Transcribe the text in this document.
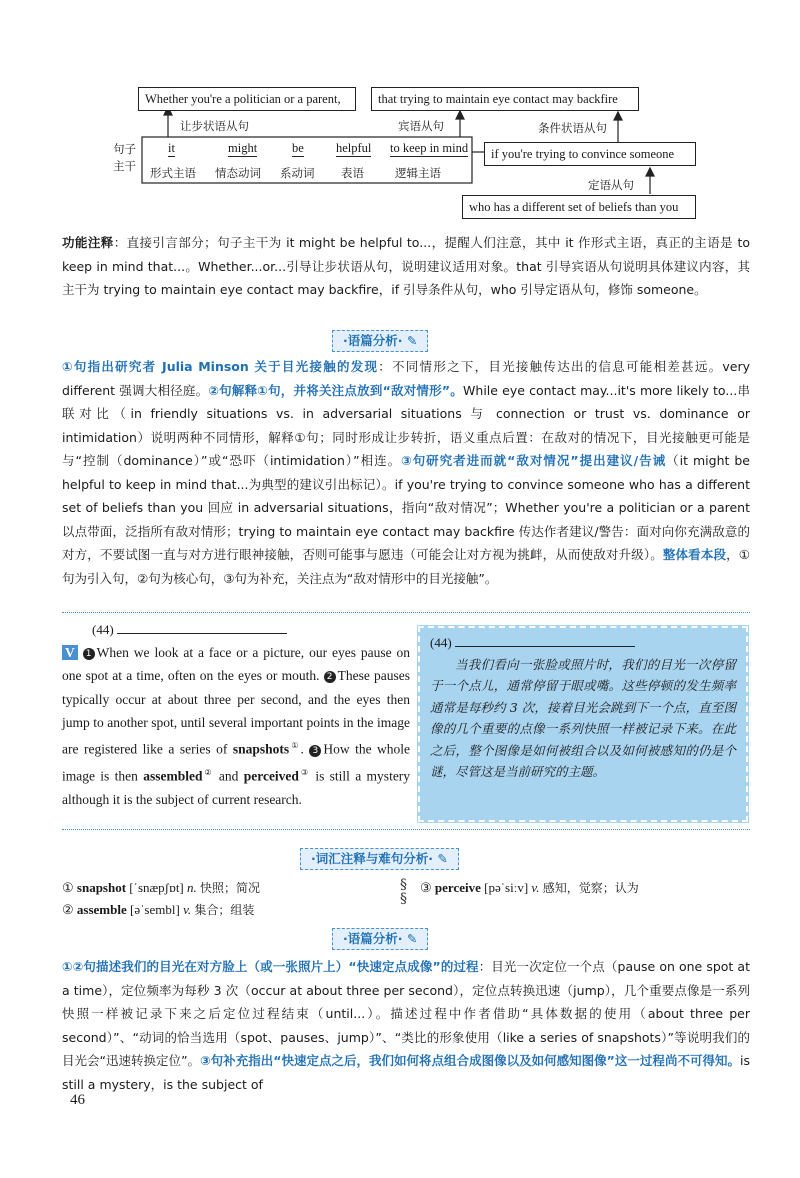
Whether you're a politician or a parent,	that trying to maintain eye contact may backfire
让步状语从句	宾语从句	条件状语从句
句子
主干
it	might	be	helpful to keep in mind
形式主语 情态动词 系动词 表语	逻辑主语
if you're trying to convince someone
定语从句
who has a different set of beliefs than you
功能注释：直接引言部分；句子主干为 it might be helpful to...，提醒人们注意，其中 it 作形式主语，真正的主语是 to keep in mind that...。Whether...or...引导让步状语从句，说明建议适用对象。that 引导宾语从句说明具体建议内容，其主干为 trying to maintain eye contact may backfire，if 引导条件从句，who 引导定语从句，修饰 someone。
·语篇分析· ✎
①句指出研究者 Julia Minson 关于目光接触的发现：不同情形之下，目光接触传达出的信息可能相差甚远。very different 强调大相径庭。②句解释①句，并将关注点放到“敌对情形”。While eye contact may...it's more likely to...串联对比（in friendly situations vs. in adversarial situations 与 connection or trust vs. dominance or intimidation）说明两种不同情形，解释①句；同时形成让步转折，语义重点后置：在敌对的情况下，目光接触更可能是与“控制（dominance）”或“恐吓（intimidation）”相连。③句研究者进而就“敌对情况”提出建议/告诫（it might be helpful to keep in mind that...为典型的建议引出标记）。if you're trying to convince someone who has a different set of beliefs than you 回应 in adversarial situations，指向“敌对情况”；Whether you're a politician or a parent 以点带面，泛指所有敌对情形；trying to maintain eye contact may backfire 传达作者建议/警告：面对向你充满敌意的对方，不要试图一直与对方进行眼神接触，否则可能事与愿违（可能会让对方视为挑衅，从而使敌对升级）。整体看本段，①句为引入句，②句为核心句，③句为补充，关注点为“敌对情形中的目光接触”。
(44)
V 1 When we look at a face or a picture, our eyes pause on one spot at a time, often on the eyes or mouth. 2 These pauses typically occur at about three per second, and the eyes then jump to another spot, until several important points in the image are registered like a series of snapshots①. 3 How the whole image is then assembled② and perceived③ is still a mystery although it is the subject of current research.
(44)
当我们看向一张脸或照片时，我们的目光一次停留于一个点儿，通常停留于眼或嘴。这些停顿的发生频率通常是每秒约 3 次，接着目光会跳到下一个点，直至图像的几个重要的点像一系列快照一样被记录下来。在此之后，整个图像是如何被组合以及如何被感知的仍是个谜，尽管这是当前研究的主题。
·词汇注释与难句分析· ✎
① snapshot [ˈsnæpʃɒt] n. 快照；简况
② assemble [əˈsembl] v. 集合；组装
§
§
③ perceive [pəˈsiːv] v. 感知，觉察；认为
·语篇分析· ✎
①②句描述我们的目光在对方脸上（或一张照片上）“快速定点成像”的过程：目光一次定位一个点（pause on one spot at a time），定位频率为每秒 3 次（occur at about three per second），定位点转换迅速（jump），几个重要点像是一系列快照一样被记录下来之后定位过程结束（until...）。描述过程中作者借助“具体数据的使用（about three per second）”、“动词的恰当选用（spot、pauses、jump）”、“类比的形象使用（like a series of snapshots）”等说明我们的目光会“迅速转换定位”。③句补充指出“快速定点之后，我们如何将点组合成图像以及如何感知图像”这一过程尚不可得知。is still a mystery，is the subject of
46
